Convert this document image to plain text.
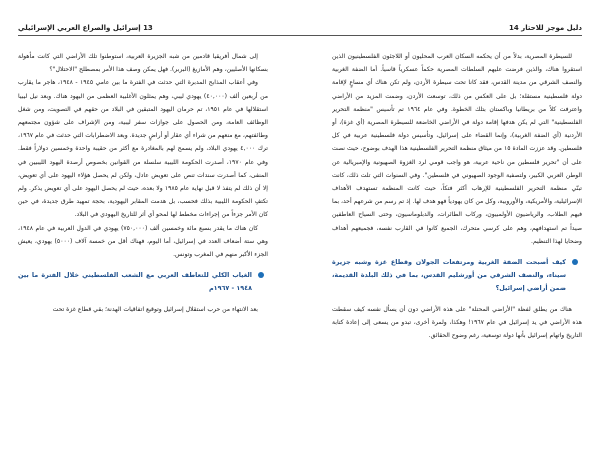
13 إسرائيل والصراع العربي الإسرائيلي	دليل موجز للاحتار 14

للسيطرة المصرية، بدلاً من أن يحكمه السكان العرب المحليون أو اللاجئون الفلسطينيون الذين استقروا هناك، والذين فرضت عليهم السلطات المصرية حكماً عسكرياً قاسياً. أما الضفة الغربية والنصف الشرقي من مدينة القدس، فقد كانا تحت سيطرة الأردن، ولم تكن هناك أي مساعٍ لإقامة دولة فلسطينية مستقلة؛ بل على العكس من ذلك، توسعت الأردن، وضمت المزيد من الأراضي واعترفت كلاً من بريطانيا وباكستان بتلك الخطوة. وفي عام ١٩٦٤ تم تأسيس "منظمة التحرير الفلسطينية" التي لم يكن هدفها إقامة دولة في الأراضي الخاضعة للسيطرة المصرية (أي غزة)، أو الأردنية (أي الضفة الغربية)، وإنما القضاء على إسرائيل، وتأسيس دولة فلسطينية عربية في كل فلسطين. وقد عززت المادة ١٥ من ميثاق منظمة التحرير الفلسطينية هذا الهدف بوضوح، حيث نصت على أن "تحرير فلسطين من ناحية عربية، هو واجب قومي لرد الغزوة الصهيونية والإمبريالية عن الوطن العربي الكبير، ولتصفية الوجود الصهيوني في فلسطين". وفي السنوات التي تلت ذلك، كانت تبنّي منظمة التحرير الفلسطينية للإرهاب أكثر فتكاً، حيث كانت المنظمة تستهدف الأهداف الإسرائيلية، والأمريكية، والأوروبية، وكل من كان يهودياً فهو هدف لها. إذ تم رسم من شرعهم أحد، بما فيهم الطلاب، والرياضيون الأولمبيون، وركاب الطائرات، والدبلوماسيون، وحتى السياح العاطفين صيداً تم استهدافهم، وهم على كرسي متحرك، الجميع كانوا في القارب نفسه، فجميعهم أهداف وضحايا لهذا التنظيم.

كيف أصبحت الضفة الغربية ومرتفعات الجولان وقطاع غزة وشبه جزيرة سيناء، والنصف الشرقي من أورشليم القدس، بما في ذلك البلدة القديمة، ضمن أراضي إسرائيل؟

هناك من يطلق لفظة "الأراضي المحتلة" على هذه الأراضي دون أن يسأل نفسه كيف سقطت هذه الأراضي في يد إسرائيل في عام ١٩٦٧! وهكذا، ولمرة أخرى، تبدو من يسعى إلى إعادة كتابة التاريخ واتهام إسرائيل بأنها دولة توسعية، رغم وضوح الحقائق.

إلى شمال أفريقيا قادمين من شبه الجزيرة العربية، استوطنوا تلك الأراضي التي كانت مأهولة بسكانها الأصليين، وهم الأمازيغ (البربر). فهل يمكن وصف هذا الأمر بمصطلح "الاحتلال"؟

وفي أعقاب المذابح المدبرة التي حدثت في الفترة ما بين عامي ١٩٤٥ - ١٩٤٨، هاجر ما يقارب من أربعين ألف (٤٠,٠٠٠) يهودي ليبي، وهم يمثلون الأغلبية العظمى من اليهود هناك. وبعد نيل ليبيا استقلالها في عام ١٩٥١، تم حرمان اليهود المتبقين في البلاد من حقهم في التصويت، ومن شغل الوظائف العامة، ومن الحصول على جوازات سفر ليبية، ومن الإشراف على شؤون مجتمعهم وطائفتهم، مع منعهم من شراء أي عقار أو أراضٍ جديدة. وبعد الاضطرابات التي حدثت في عام ١٩٦٧، ترك ٤,٠٠٠ يهودي البلاد، ولم يسمح لهم بالمغادرة مع أكثر من حقيبة واحدة وخمسين دولاراً فقط. وفي عام ١٩٧٠، أصدرت الحكومة الليبية سلسلة من القوانين بخصوص أرصدة اليهود الليبيين في المنفى، كما أصدرت سندات تنص على تعويض عادل، ولكن لم يحصل هؤلاء اليهود على أي تعويض، إلا أن ذلك لم يتفذ لا قبل نهاية عام ١٩٨٥ ولا بعده، حيث لم يحصل اليهود على أي تعويض يذكر. ولم تكتفِ الحكومة الليبية بذلك فحسب، بل هدمت المقابر اليهودية، بحجة تمهيد طرق جديدة، في حين كان الأمر جزءاً من إجراءات مخطط لها لمحو أي أثر للتاريخ اليهودي في البلاد.

كان هناك ما يقدر بسبع مائة وخمسين ألف (٧٥٠,٠٠٠) يهودي في الدول العربية في عام ١٩٤٨، وهي ستة أضعاف العدد في إسرائيل، أما اليوم، فهناك أقل من خمسة آلاف (٥٠٠٠) يهودي، يعيش الجزء الأكبر منهم في المغرب وتونس.

الغياب الكلي للتعاطف العربي مع الشعب الفلسطيني خلال الفترة ما بين ١٩٤٨ - ١٩٦٧م

بعد الانتهاء من حرب استقلال إسرائيل وتوقيع اتفاقيات الهدنة؛ بقي قطاع غزة تحت
